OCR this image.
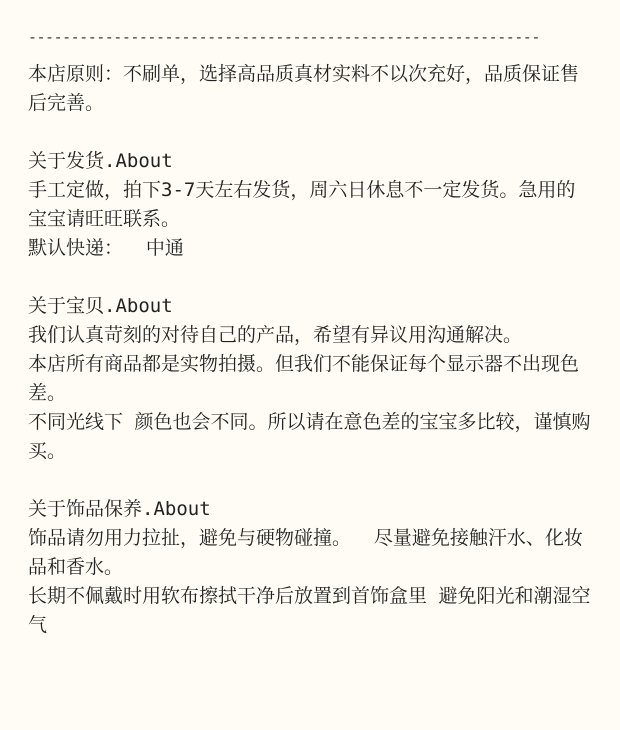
------------------------------------------------------------

本店原则：不刷单，选择高品质真材实料不以次充好，品质保证售后完善。

关于发货.About

手工定做，拍下3-7天左右发货，周六日休息不一定发货。急用的宝宝请旺旺联系。

默认快递：  中通

关于宝贝.About

我们认真苛刻的对待自己的产品，希望有异议用沟通解决。

本店所有商品都是实物拍摄。但我们不能保证每个显示器不出现色差。

不同光线下 颜色也会不同。所以请在意色差的宝宝多比较，谨慎购买。

关于饰品保养.About

饰品请勿用力拉扯，避免与硬物碰撞。  尽量避免接触汗水、化妆品和香水。

长期不佩戴时用软布擦拭干净后放置到首饰盒里 避免阳光和潮湿空气
